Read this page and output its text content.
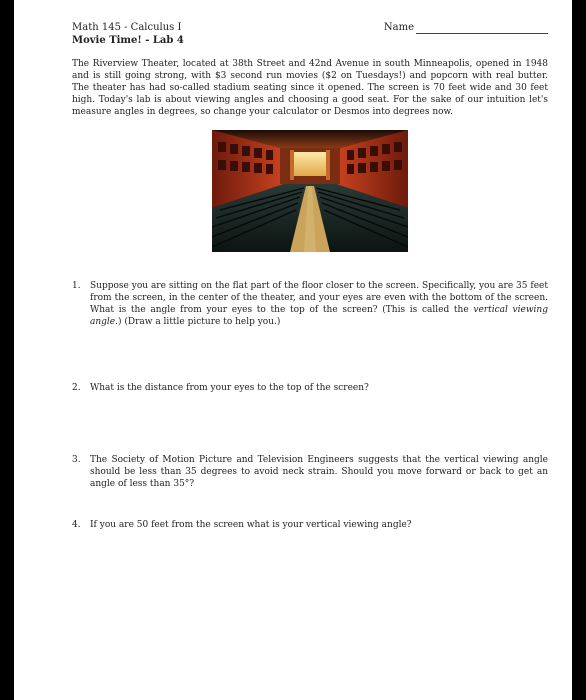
Math 145 - Calculus I	Name
Movie Time! - Lab 4
The Riverview Theater, located at 38th Street and 42nd Avenue in south Minneapolis, opened in 1948 and is still going strong, with $3 second run movies ($2 on Tuesdays!) and popcorn with real butter. The theater has had so-called stadium seating since it opened. The screen is 70 feet wide and 30 feet high. Today's lab is about viewing angles and choosing a good seat. For the sake of our intuition let's measure angles in degrees, so change your calculator or Desmos into degrees now.
1.	Suppose you are sitting on the flat part of the floor closer to the screen. Specifically, you are 35 feet from the screen, in the center of the theater, and your eyes are even with the bottom of the screen. What is the angle from your eyes to the top of the screen? (This is called the vertical viewing angle.) (Draw a little picture to help you.)
2.	What is the distance from your eyes to the top of the screen?
3.	The Society of Motion Picture and Television Engineers suggests that the vertical viewing angle should be less than 35 degrees to avoid neck strain. Should you move forward or back to get an angle of less than 35°?
4.	If you are 50 feet from the screen what is your vertical viewing angle?
